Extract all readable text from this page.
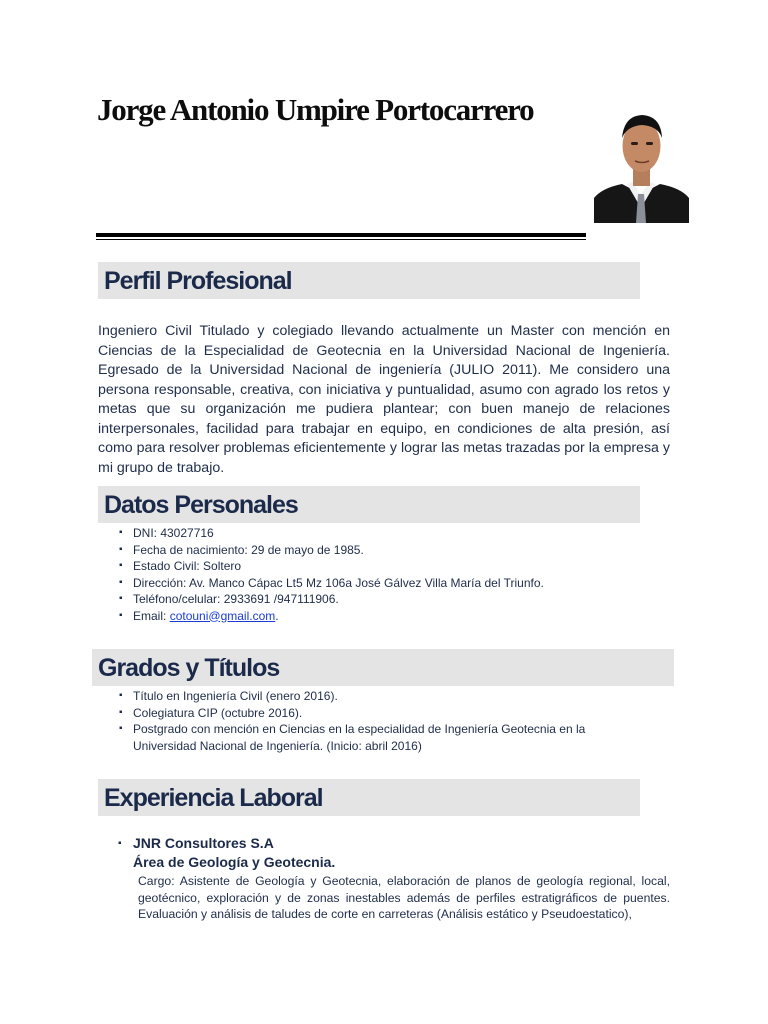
Jorge Antonio Umpire Portocarrero
Perfil Profesional

Ingeniero Civil Titulado y colegiado llevando actualmente un Master con mención en Ciencias de la Especialidad de Geotecnia en la Universidad Nacional de Ingeniería. Egresado de la Universidad Nacional de ingeniería (JULIO 2011). Me considero una persona responsable, creativa, con iniciativa y puntualidad, asumo con agrado los retos y metas que su organización me pudiera plantear; con buen manejo de relaciones interpersonales, facilidad para trabajar en equipo, en condiciones de alta presión, así como para resolver problemas eficientemente y lograr las metas trazadas por la empresa y mi grupo de trabajo.

Datos Personales
▪ DNI: 43027716
▪ Fecha de nacimiento: 29 de mayo de 1985.
▪ Estado Civil: Soltero
▪ Dirección: Av. Manco Cápac Lt5 Mz 106a José Gálvez Villa María del Triunfo.
▪ Teléfono/celular: 2933691 /947111906.
▪ Email: cotouni@gmail.com.
Grados y Títulos
▪ Título en Ingeniería Civil (enero 2016).
▪ Colegiatura CIP (octubre 2016).
▪ Postgrado con mención en Ciencias en la especialidad de Ingeniería Geotecnia en la Universidad Nacional de Ingeniería. (Inicio: abril 2016)
Experiencia Laboral
▪ JNR Consultores S.A
Área de Geología y Geotecnia.

Cargo: Asistente de Geología y Geotecnia, elaboración de planos de geología regional, local, geotécnico, exploración y de zonas inestables además de perfiles estratigráficos de puentes. Evaluación y análisis de taludes de corte en carreteras (Análisis estático y Pseudoestatico),
